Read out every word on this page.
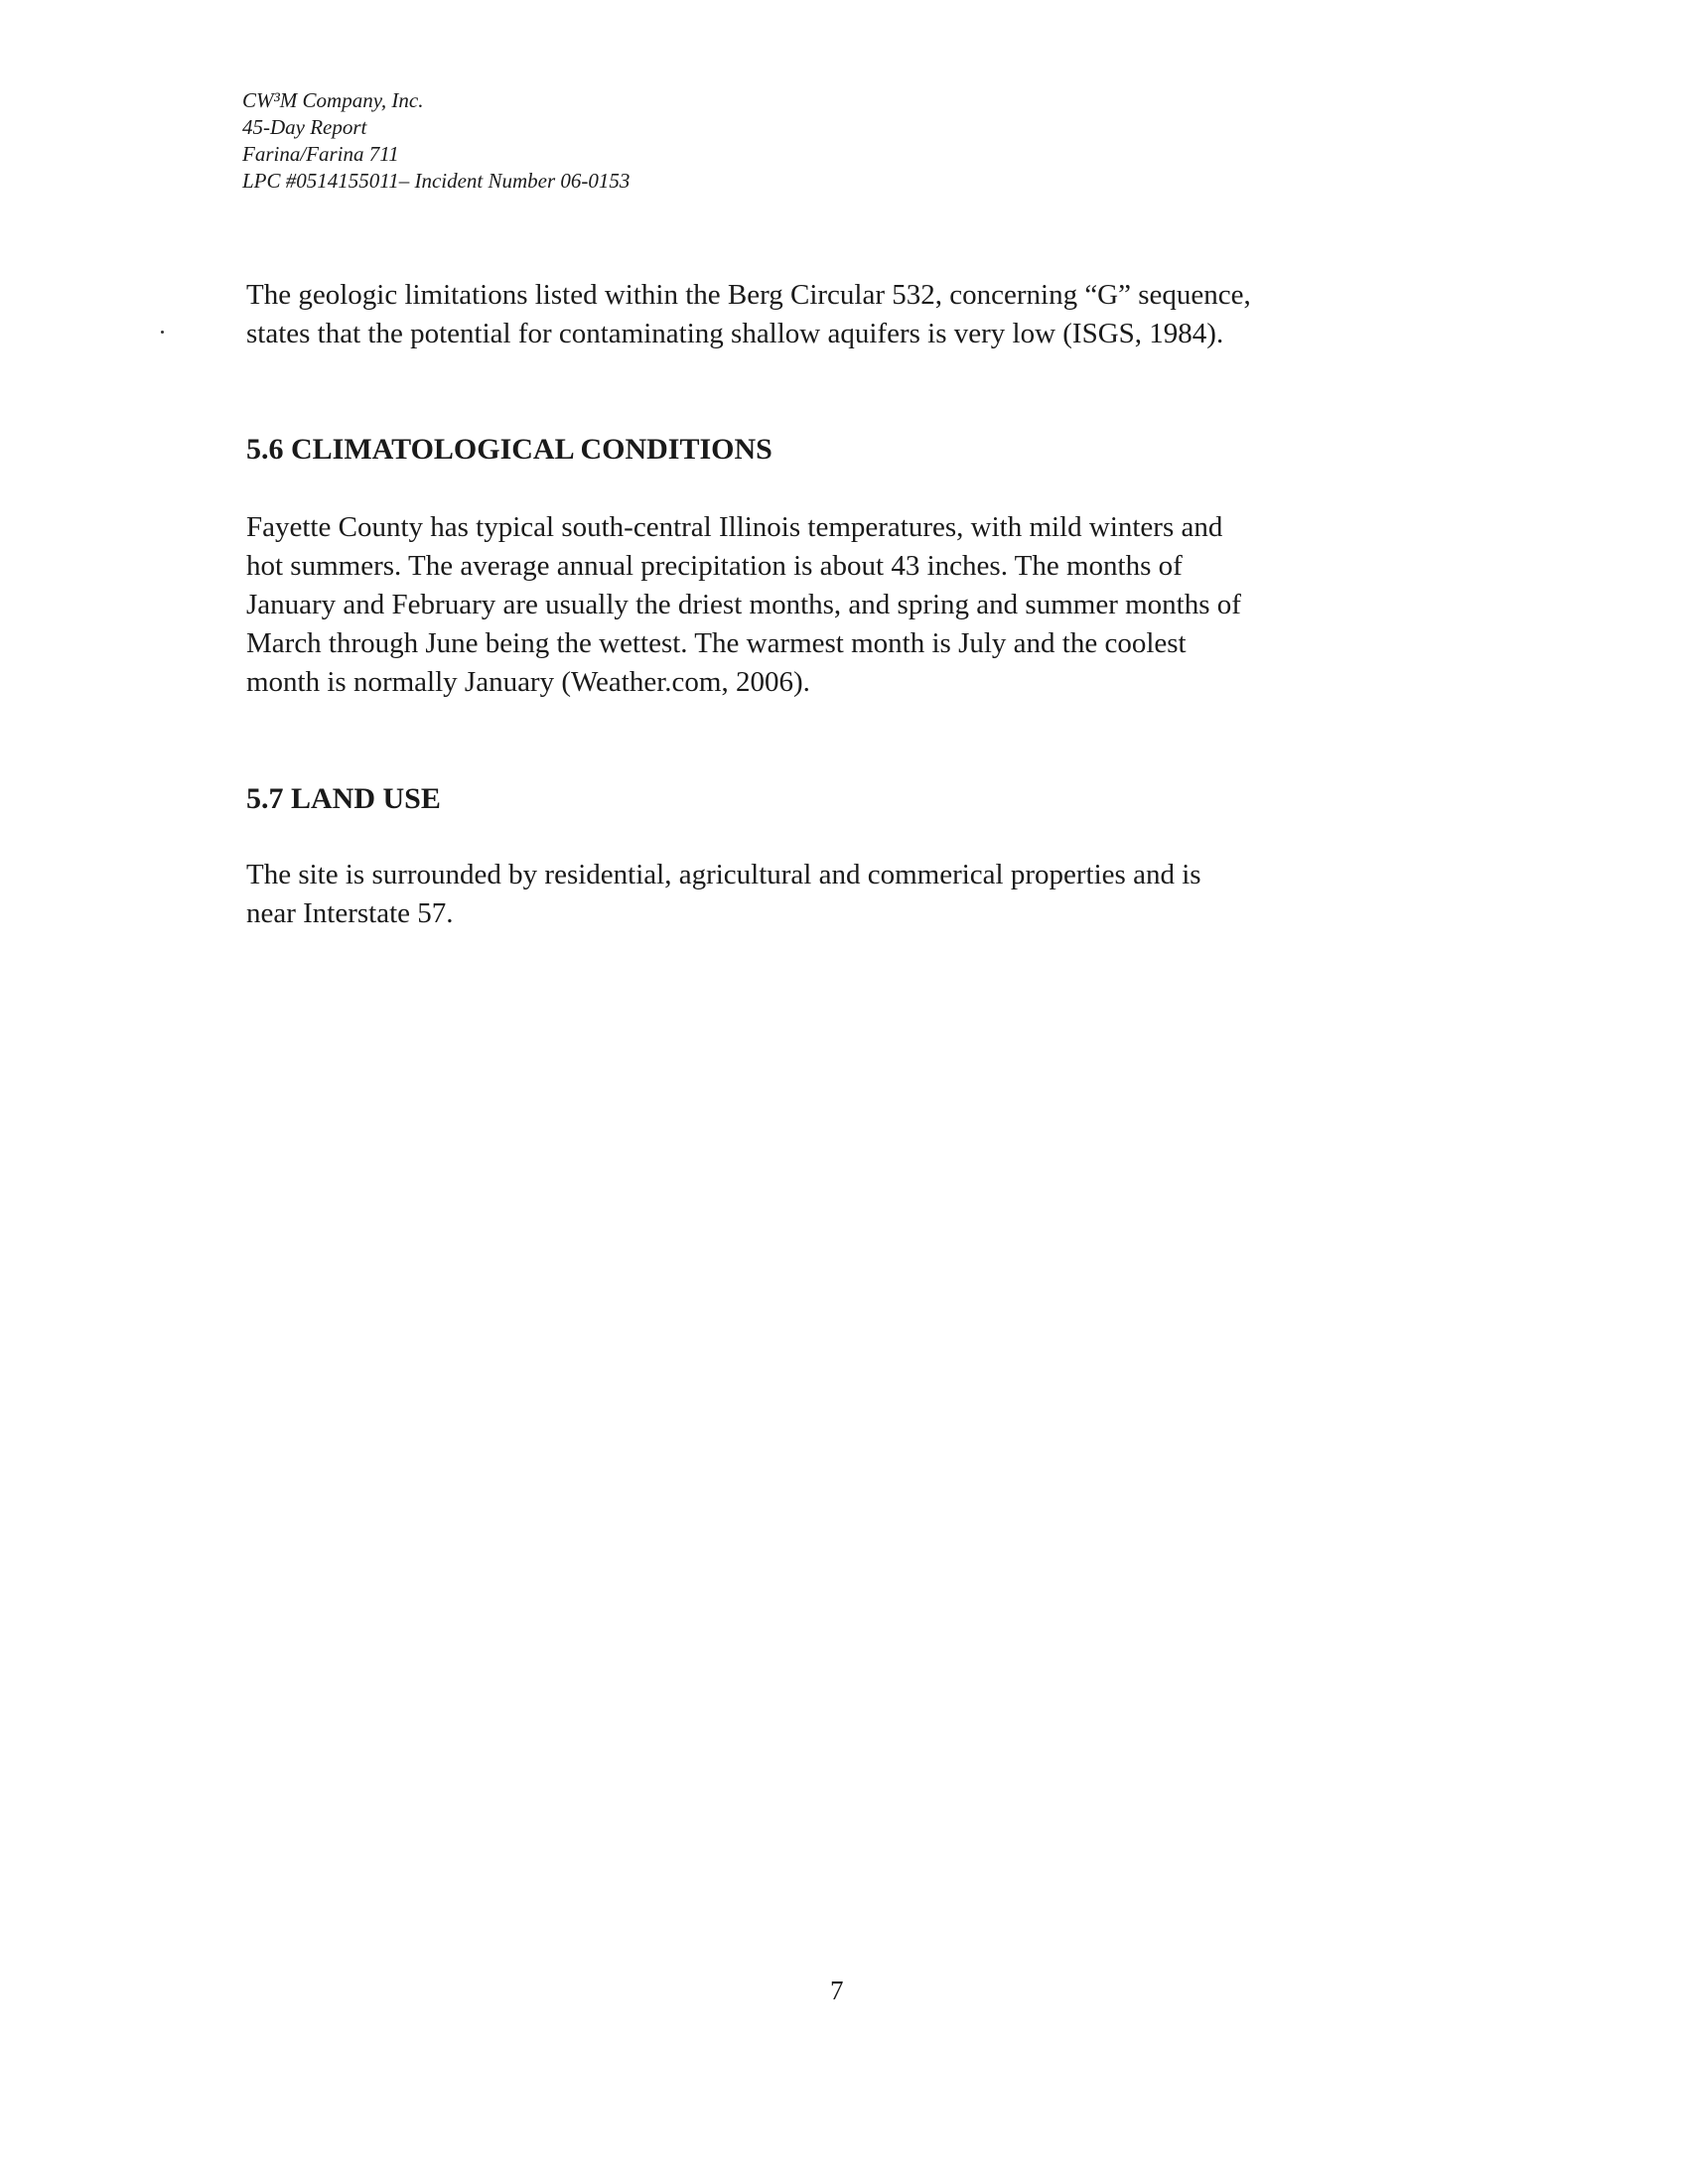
CW³M Company, Inc.
45-Day Report
Farina/Farina 711
LPC #0514155011– Incident Number 06-0153

The geologic limitations listed within the Berg Circular 532, concerning “G” sequence,
states that the potential for contaminating shallow aquifers is very low (ISGS, 1984).

5.6 CLIMATOLOGICAL CONDITIONS

Fayette County has typical south-central Illinois temperatures, with mild winters and
hot summers. The average annual precipitation is about 43 inches. The months of
January and February are usually the driest months, and spring and summer months of
March through June being the wettest. The warmest month is July and the coolest
month is normally January (Weather.com, 2006).

5.7 LAND USE

The site is surrounded by residential, agricultural and commerical properties and is
near Interstate 57.

7
